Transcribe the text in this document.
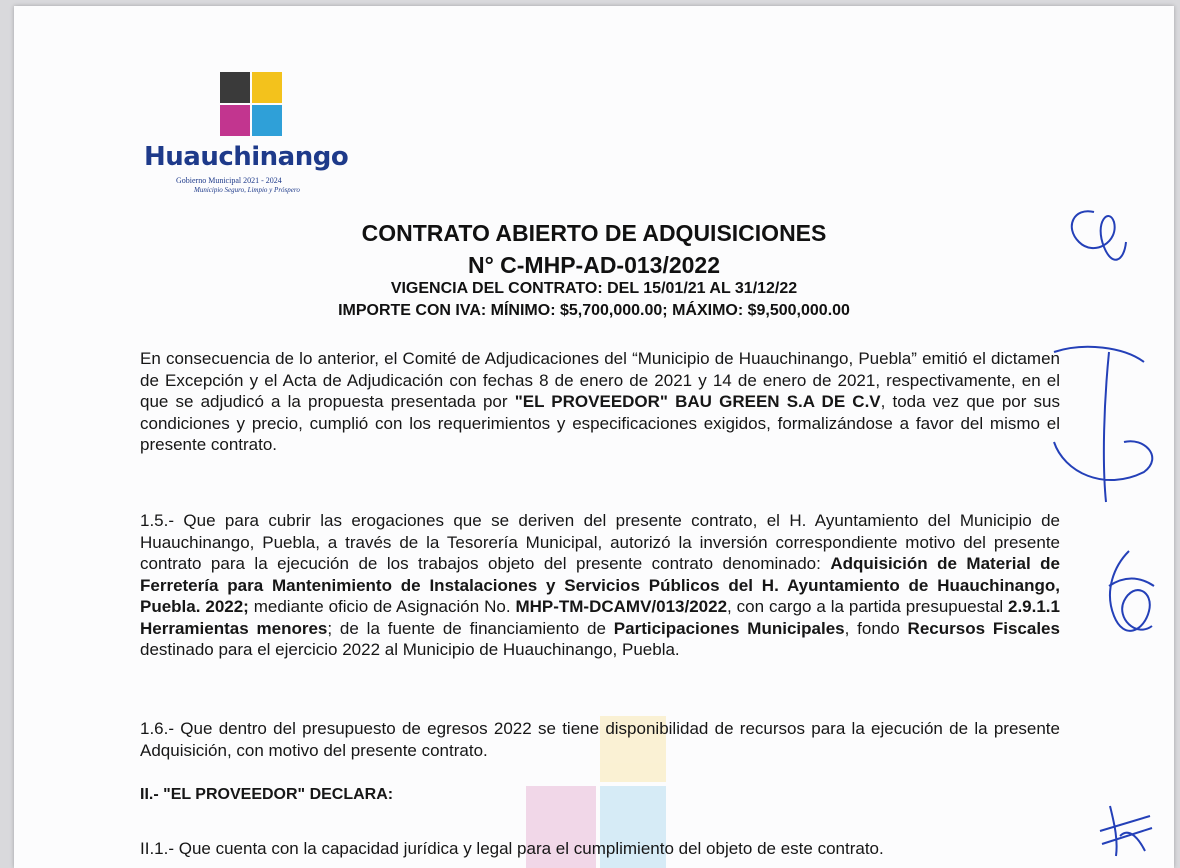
Huauchinango
Gobierno Municipal 2021 - 2024
Municipio Seguro, Limpio y Próspero
CONTRATO ABIERTO DE ADQUISICIONES
N° C-MHP-AD-013/2022
VIGENCIA DEL CONTRATO: DEL 15/01/21 AL 31/12/22
IMPORTE CON IVA: MÍNIMO: $5,700,000.00; MÁXIMO: $9,500,000.00
En consecuencia de lo anterior, el Comité de Adjudicaciones del “Municipio de Huauchinango, Puebla” emitió el dictamen de Excepción y el Acta de Adjudicación con fechas 8 de enero de 2021 y 14 de enero de 2021, respectivamente, en el que se adjudicó a la propuesta presentada por "EL PROVEEDOR" BAU GREEN S.A DE C.V, toda vez que por sus condiciones y precio, cumplió con los requerimientos y especificaciones exigidos, formalizándose a favor del mismo el presente contrato.
1.5.- Que para cubrir las erogaciones que se deriven del presente contrato, el H. Ayuntamiento del Municipio de Huauchinango, Puebla, a través de la Tesorería Municipal, autorizó la inversión correspondiente motivo del presente contrato para la ejecución de los trabajos objeto del presente contrato denominado: Adquisición de Material de Ferretería para Mantenimiento de Instalaciones y Servicios Públicos del H. Ayuntamiento de Huauchinango, Puebla. 2022; mediante oficio de Asignación No. MHP-TM-DCAMV/013/2022, con cargo a la partida presupuestal 2.9.1.1 Herramientas menores; de la fuente de financiamiento de Participaciones Municipales, fondo Recursos Fiscales destinado para el ejercicio 2022 al Municipio de Huauchinango, Puebla.
1.6.- Que dentro del presupuesto de egresos 2022 se tiene disponibilidad de recursos para la ejecución de la presente Adquisición, con motivo del presente contrato.
II.- "EL PROVEEDOR" DECLARA:
II.1.- Que cuenta con la capacidad jurídica y legal para el cumplimiento del objeto de este contrato.
